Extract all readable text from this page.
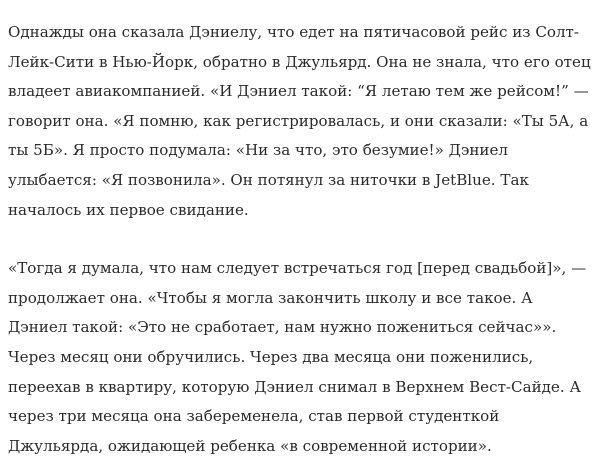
Однажды она сказала Дэниелу, что едет на пятичасовой рейс из Солт-Лейк-Сити в Нью-Йорк, обратно в Джульярд. Она не знала, что его отец владеет авиакомпанией. «И Дэниел такой: “Я летаю тем же рейсом!” — говорит она. «Я помню, как регистрировалась, и они сказали: «Ты 5А, а ты 5Б». Я просто подумала: «Ни за что, это безумие!» Дэниел улыбается: «Я позвонила». Он потянул за ниточки в JetBlue. Так началось их первое свидание.

«Тогда я думала, что нам следует встречаться год [перед свадьбой]», — продолжает она. «Чтобы я могла закончить школу и все такое. А Дэниел такой: «Это не сработает, нам нужно пожениться сейчас»». Через месяц они обручились. Через два месяца они поженились, переехав в квартиру, которую Дэниел снимал в Верхнем Вест-Сайде. А через три месяца она забеременела, став первой студенткой Джульярда, ожидающей ребенка «в современной истории».
